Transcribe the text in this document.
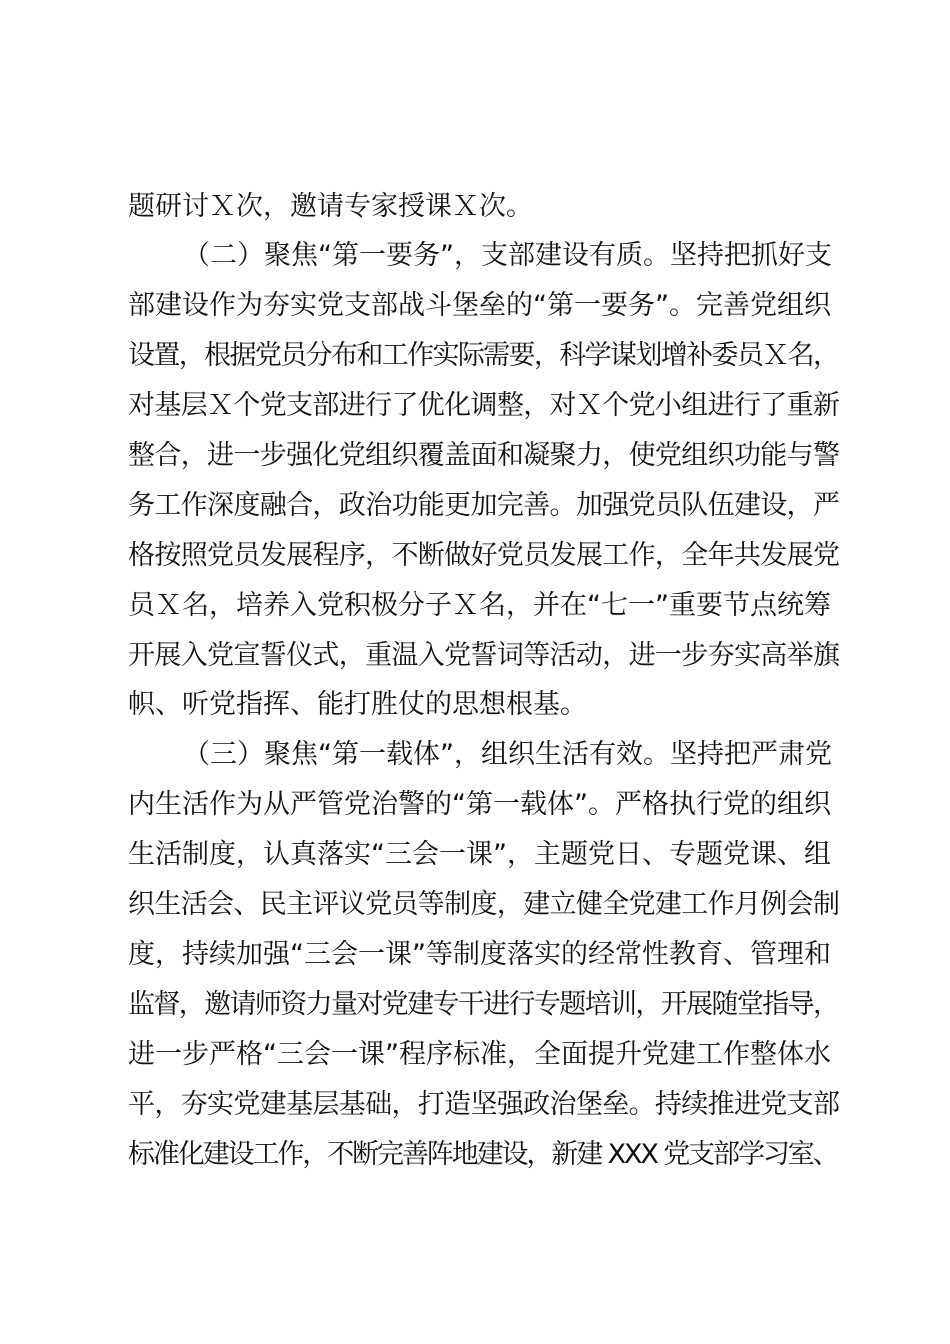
题研讨Ｘ次，邀请专家授课Ｘ次。
（二）聚焦“第一要务”，支部建设有质。坚持把抓好支
部建设作为夯实党支部战斗堡垒的“第一要务”。完善党组织
设置，根据党员分布和工作实际需要，科学谋划增补委员Ｘ名，
对基层Ｘ个党支部进行了优化调整，对Ｘ个党小组进行了重新
整合，进一步强化党组织覆盖面和凝聚力，使党组织功能与警
务工作深度融合，政治功能更加完善。加强党员队伍建设，严
格按照党员发展程序，不断做好党员发展工作，全年共发展党
员Ｘ名，培养入党积极分子Ｘ名，并在“七一”重要节点统筹
开展入党宣誓仪式，重温入党誓词等活动，进一步夯实高举旗
帜、听党指挥、能打胜仗的思想根基。
（三）聚焦“第一载体”，组织生活有效。坚持把严肃党
内生活作为从严管党治警的“第一载体”。严格执行党的组织
生活制度，认真落实“三会一课”，主题党日、专题党课、组
织生活会、民主评议党员等制度，建立健全党建工作月例会制
度，持续加强“三会一课”等制度落实的经常性教育、管理和
监督，邀请师资力量对党建专干进行专题培训，开展随堂指导，
进一步严格“三会一课”程序标准，全面提升党建工作整体水
平，夯实党建基层基础，打造坚强政治堡垒。持续推进党支部
标准化建设工作，不断完善阵地建设，新建 XXX 党支部学习室、
